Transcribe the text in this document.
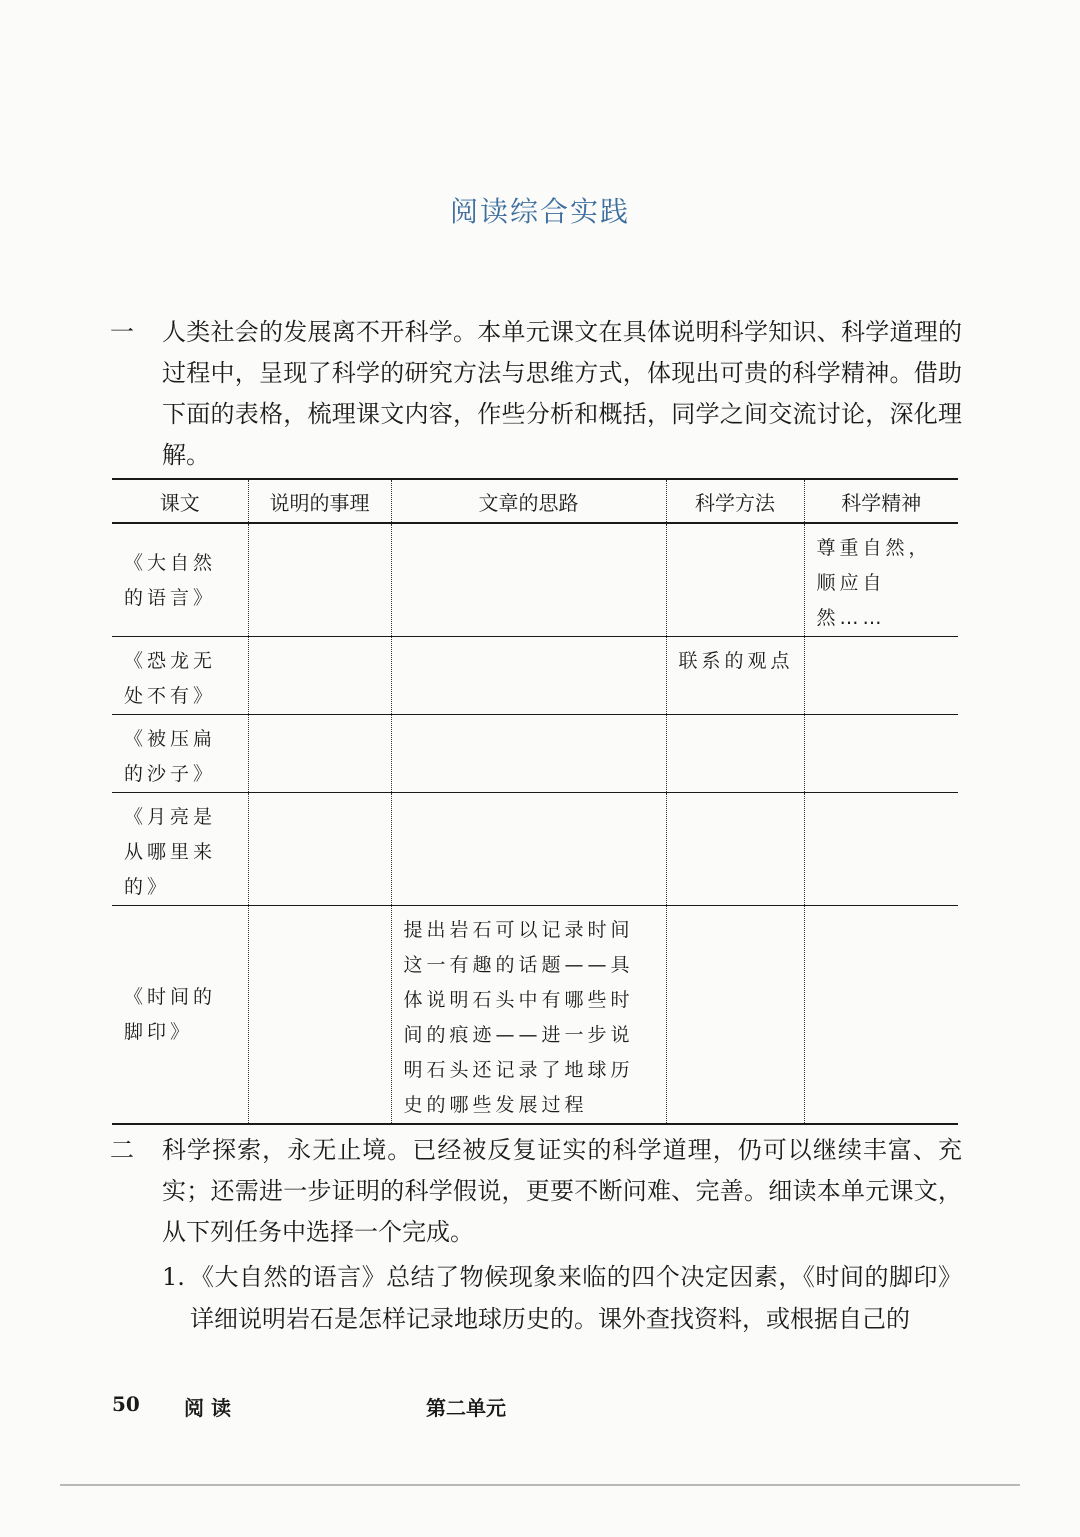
阅读综合实践
一 人类社会的发展离不开科学。本单元课文在具体说明科学知识、科学道理的过程中，呈现了科学的研究方法与思维方式，体现出可贵的科学精神。借助下面的表格，梳理课文内容，作些分析和概括，同学之间交流讨论，深化理解。
课文	说明的事理	文章的思路	科学方法	科学精神

《大自然的语言》				尊重自然，顺应自然……

《恐龙无处不有》			联系的观点	

《被压扁的沙子》				

《月亮是从哪里来的》				

《时间的脚印》		提出岩石可以记录时间这一有趣的话题——具体说明石头中有哪些时间的痕迹——进一步说明石头还记录了地球历史的哪些发展过程		

二 科学探索，永无止境。已经被反复证实的科学道理，仍可以继续丰富、充实；还需进一步证明的科学假说，更要不断问难、完善。细读本单元课文，从下列任务中选择一个完成。
1. 《大自然的语言》总结了物候现象来临的四个决定因素，《时间的脚印》详细说明岩石是怎样记录地球历史的。课外查找资料，或根据自己的
50 阅 读	第二单元
